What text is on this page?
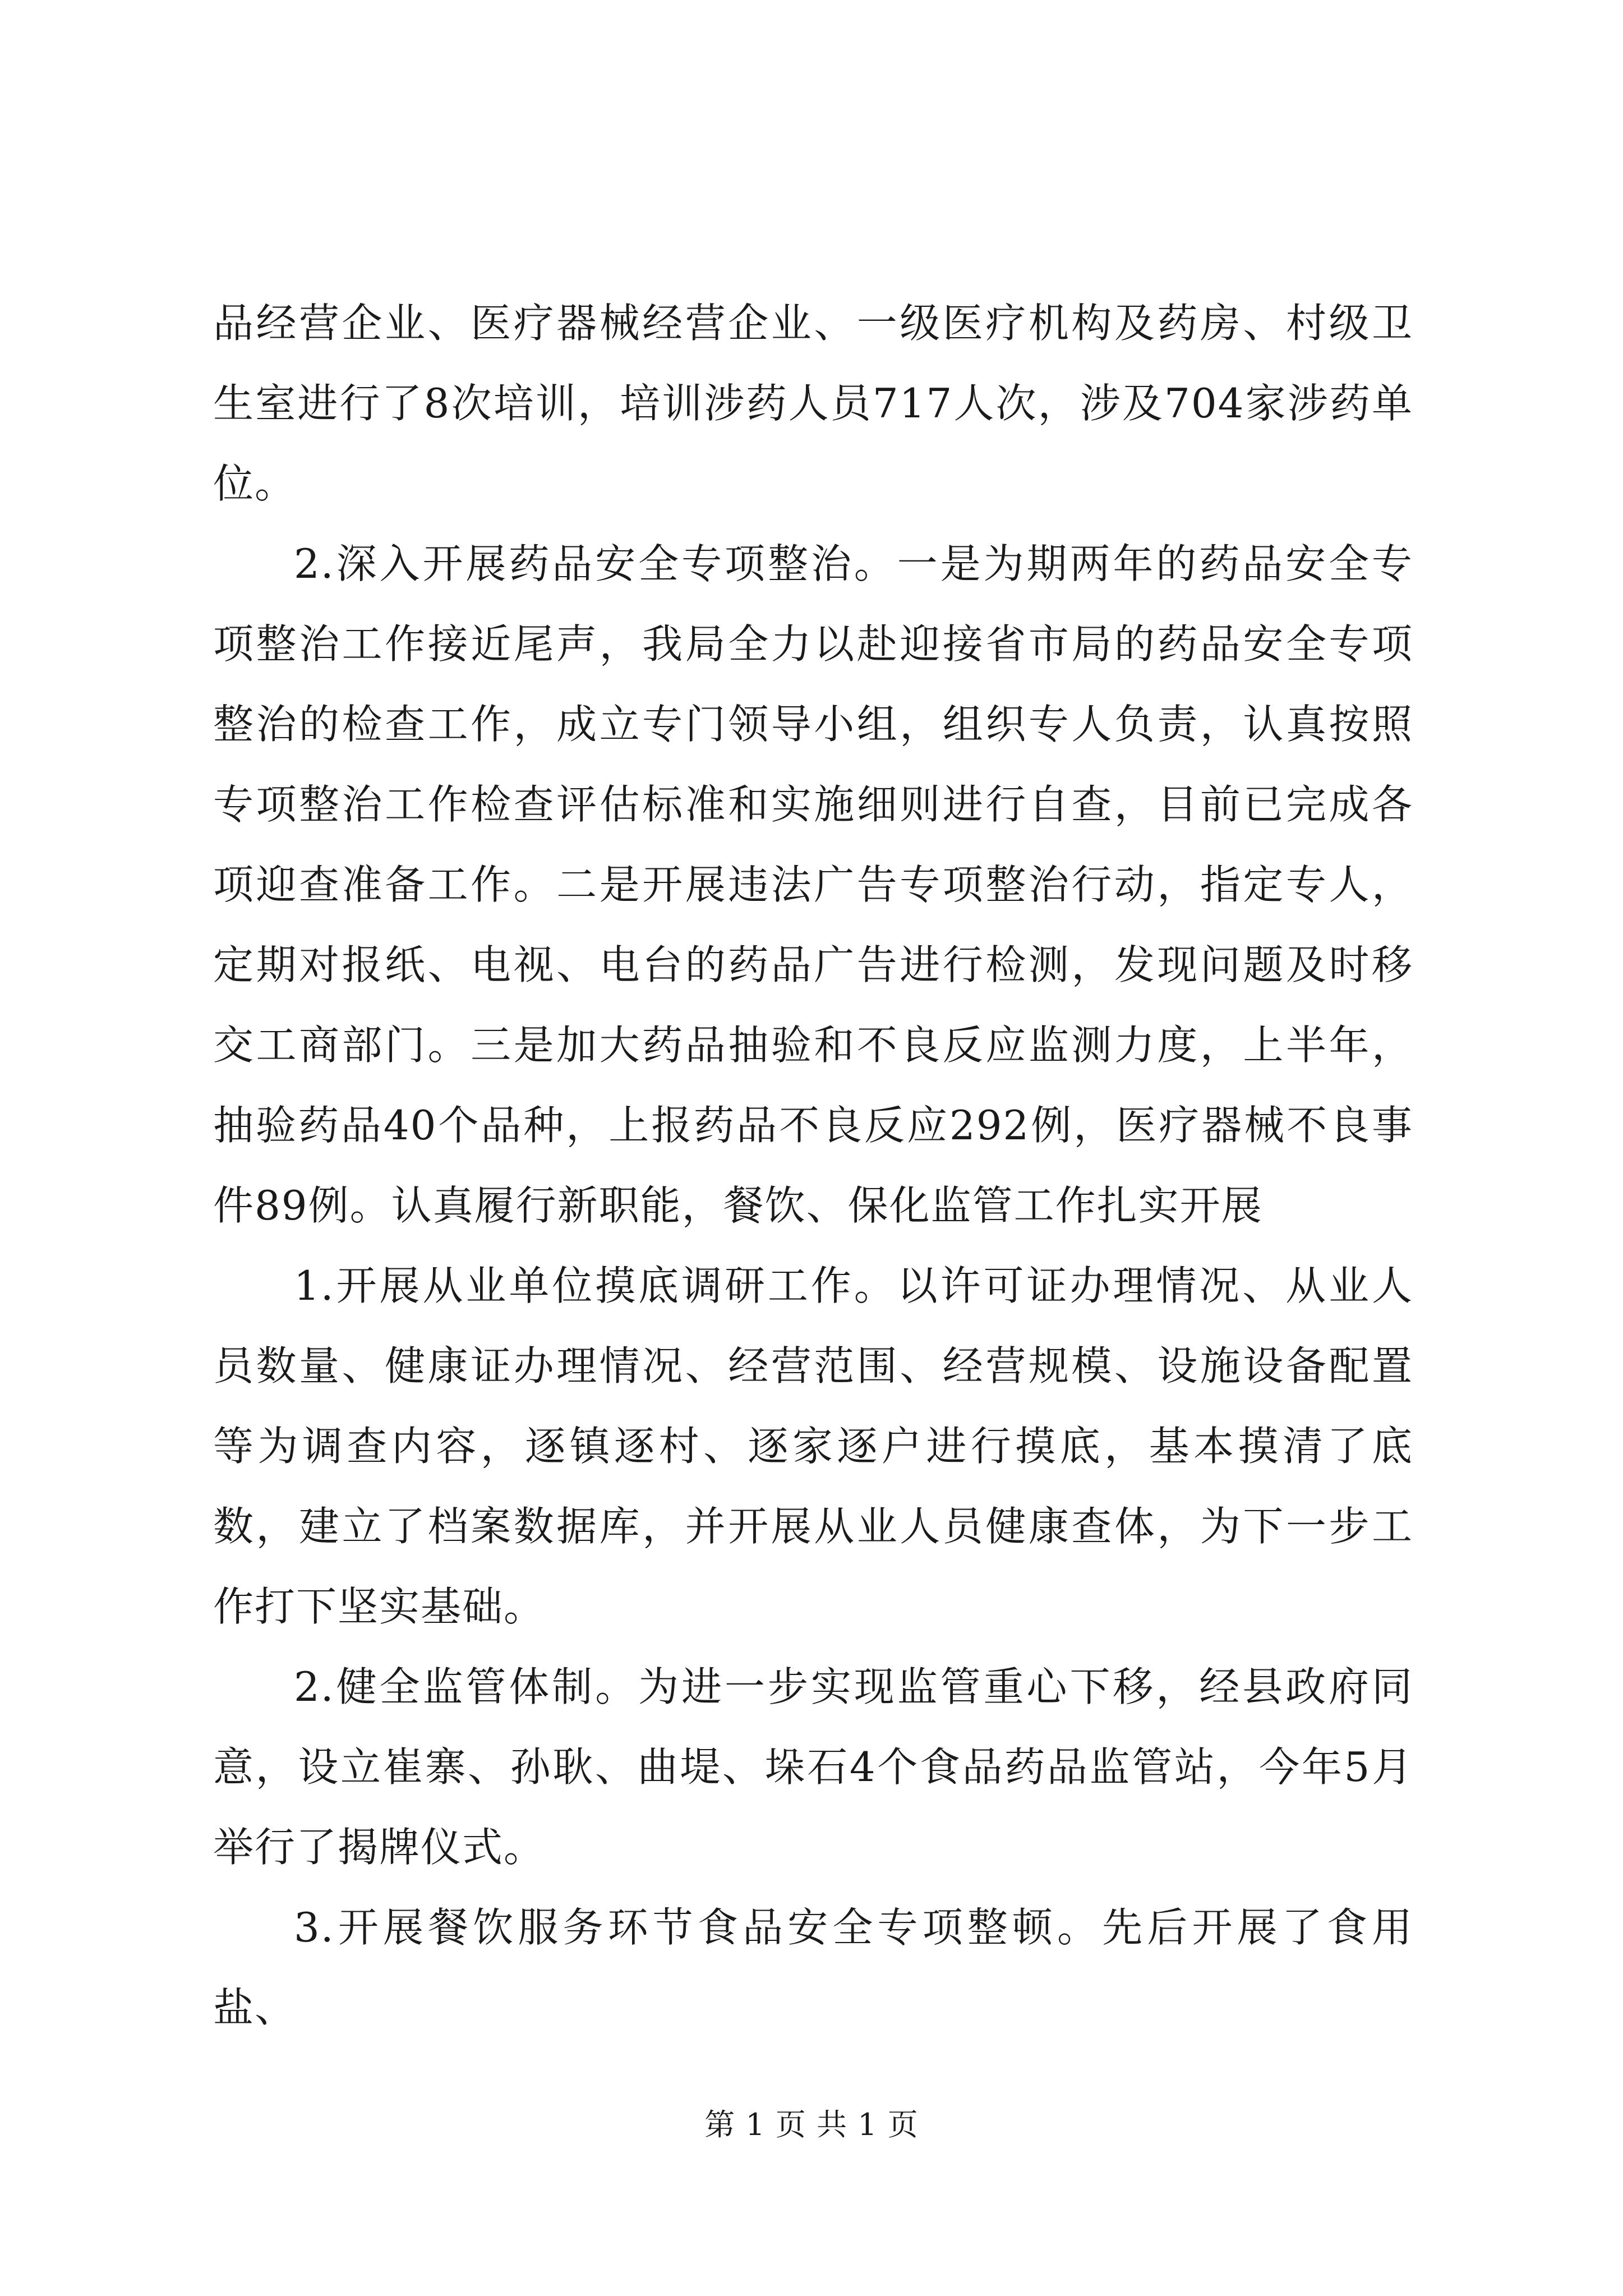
品经营企业、医疗器械经营企业、一级医疗机构及药房、村级卫生室进行了8次培训，培训涉药人员717人次，涉及704家涉药单位。

2.深入开展药品安全专项整治。一是为期两年的药品安全专项整治工作接近尾声，我局全力以赴迎接省市局的药品安全专项整治的检查工作，成立专门领导小组，组织专人负责，认真按照专项整治工作检查评估标准和实施细则进行自查，目前已完成各项迎查准备工作。二是开展违法广告专项整治行动，指定专人，定期对报纸、电视、电台的药品广告进行检测，发现问题及时移交工商部门。三是加大药品抽验和不良反应监测力度，上半年，抽验药品40个品种，上报药品不良反应292例，医疗器械不良事件89例。认真履行新职能，餐饮、保化监管工作扎实开展

1.开展从业单位摸底调研工作。以许可证办理情况、从业人员数量、健康证办理情况、经营范围、经营规模、设施设备配置等为调查内容，逐镇逐村、逐家逐户进行摸底，基本摸清了底数，建立了档案数据库，并开展从业人员健康查体，为下一步工作打下坚实基础。

2.健全监管体制。为进一步实现监管重心下移，经县政府同意，设立崔寨、孙耿、曲堤、垛石4个食品药品监管站，今年5月举行了揭牌仪式。

3.开展餐饮服务环节食品安全专项整顿。先后开展了食用盐、

第 1 页 共 1 页
